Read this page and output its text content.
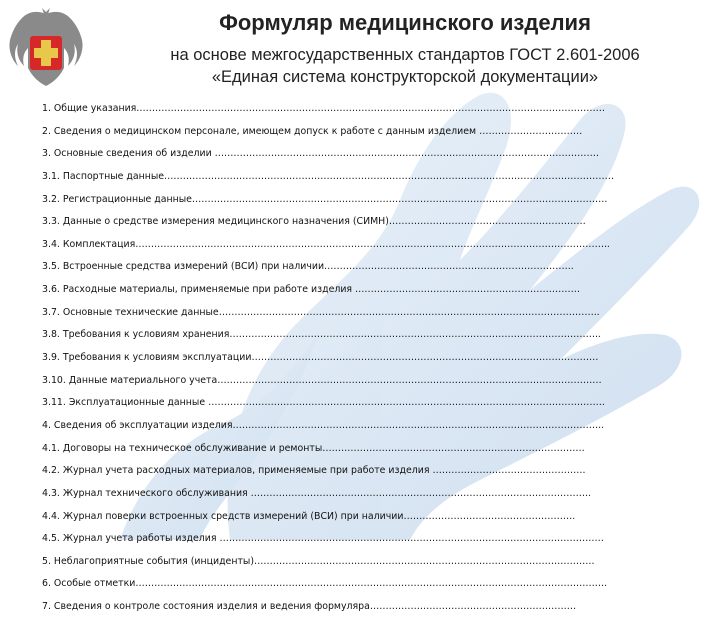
Формуляр медицинского изделия
на основе межгосударственных стандартов ГОСТ 2.601-2006
«Единая система конструкторской документации»
1. Общие указания……………………………………………………………………………………………………………………………………
2. Сведения о медицинском персонале, имеющем допуск к работе с данным изделием ……………………………
3. Основные сведения об изделии ……………………………………………………………………………………………………………
3.1. Паспортные данные………………………………………………………………………………………………………………………………
3.2. Регистрационные данные…………………………………………………………………………………………………………………….
3.3. Данные о средстве измерения медицинского назначения (СИМН)………………………………………………………
3.4. Комплектация……………………………………………………………………………………………………………………………………..
3.5. Встроенные средства измерений (ВСИ) при наличии……………………………………………………………………..
3.6. Расходные материалы, применяемые при работе изделия ………………………………………………………………
3.7. Основные технические данные…………………………………………………………………………………………………………..
3.8. Требования к условиям хранения………………………………………………………………………………………………………..
3.9. Требования к условиям эксплуатации…………………………………………………………………………………………………
3.10. Данные материального учета……………………………………………………………………………………………………………
3.11. Эксплуатационные данные ……………………………………………………………………………………………………………….
4. Сведения об эксплуатации изделия………………………………………………………………………………………………………..
4.1. Договоры на техническое обслуживание и ремонты…………………………………………………………………………
4.2. Журнал учета расходных материалов, применяемые при работе изделия ………………………………………….
4.3. Журнал технического обслуживания ……………………………………………………………………………………………….
4.4. Журнал поверки встроенных средств измерений (ВСИ) при наличии……………………………………………….
4.5. Журнал учета работы изделия ……………………………………………………………………………………………………………
5. Неблагоприятные события (инциденты)……………………………………………………………………………………………….
6. Особые отметки…………………………………………………………………………………………………………………………………….
7. Сведения о контроле состояния изделия и ведения формуляра…………………………………………………………
